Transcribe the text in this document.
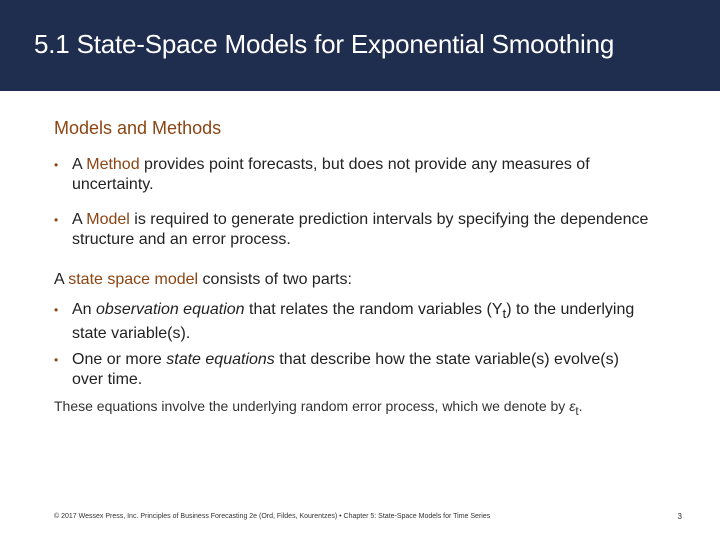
5.1 State-Space Models for Exponential Smoothing
Models and Methods
• A Method provides point forecasts, but does not provide any measures of uncertainty.
• A Model is required to generate prediction intervals by specifying the dependence structure and an error process.
A state space model consists of two parts:
• An observation equation that relates the random variables $(Y_t)$ to the underlying state variable(s).
• One or more state equations that describe how the state variable(s) evolve(s) over time.
These equations involve the underlying random error process, which we denote by $\varepsilon_t$.
© 2017 Wessex Press, Inc. Principles of Business Forecasting 2e (Ord, Fildes, Kourentzes) • Chapter 5: State-Space Models for Time Series	3
